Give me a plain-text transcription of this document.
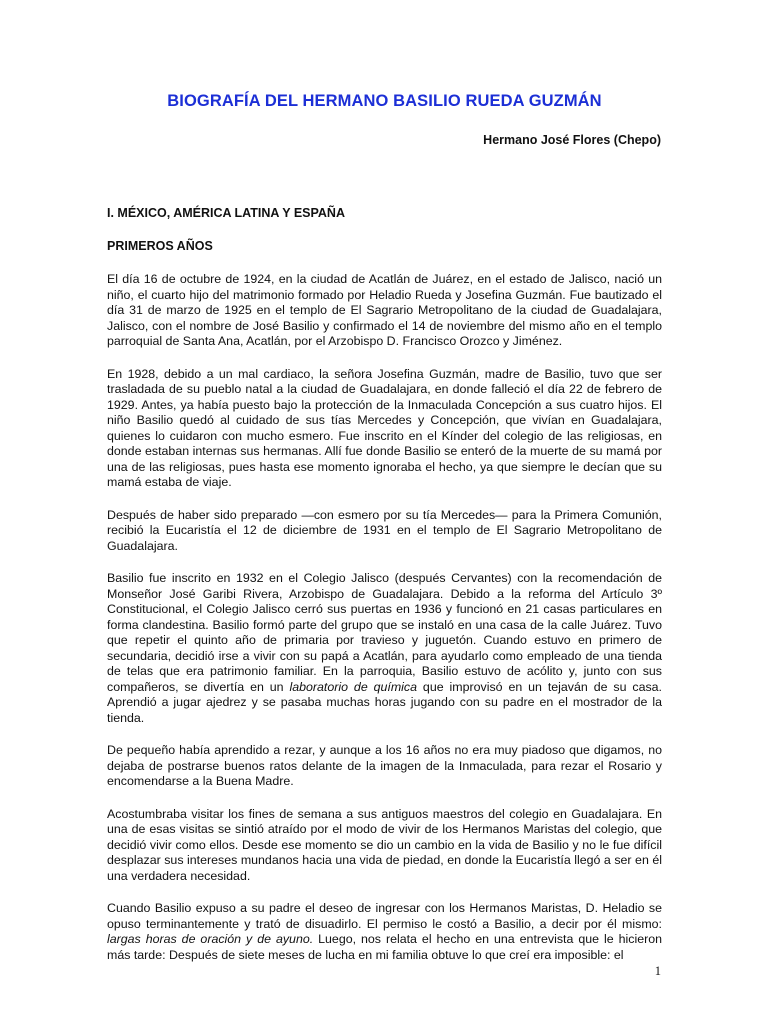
BIOGRAFÍA DEL HERMANO BASILIO RUEDA GUZMÁN

Hermano José Flores (Chepo)

I. MÉXICO, AMÉRICA LATINA Y ESPAÑA
PRIMEROS AÑOS

El día 16 de octubre de 1924, en la ciudad de Acatlán de Juárez, en el estado de Jalisco, nació un niño, el cuarto hijo del matrimonio formado por Heladio Rueda y Josefina Guzmán. Fue bautizado el día 31 de marzo de 1925 en el templo de El Sagrario Metropolitano de la ciudad de Guadalajara, Jalisco, con el nombre de José Basilio y confirmado el 14 de noviembre del mismo año en el templo parroquial de Santa Ana, Acatlán, por el Arzobispo D. Francisco Orozco y Jiménez.

En 1928, debido a un mal cardiaco, la señora Josefina Guzmán, madre de Basilio, tuvo que ser trasladada de su pueblo natal a la ciudad de Guadalajara, en donde falleció el día 22 de febrero de 1929. Antes, ya había puesto bajo la protección de la Inmaculada Concepción a sus cuatro hijos. El niño Basilio quedó al cuidado de sus tías Mercedes y Concepción, que vivían en Guadalajara, quienes lo cuidaron con mucho esmero. Fue inscrito en el Kínder del colegio de las religiosas, en donde estaban internas sus hermanas. Allí fue donde Basilio se enteró de la muerte de su mamá por una de las religiosas, pues hasta ese momento ignoraba el hecho, ya que siempre le decían que su mamá estaba de viaje.

Después de haber sido preparado —con esmero por su tía Mercedes— para la Primera Comunión, recibió la Eucaristía el 12 de diciembre de 1931 en el templo de El Sagrario Metropolitano de Guadalajara.

Basilio fue inscrito en 1932 en el Colegio Jalisco (después Cervantes) con la recomendación de Monseñor José Garibi Rivera, Arzobispo de Guadalajara. Debido a la reforma del Artículo 3º Constitucional, el Colegio Jalisco cerró sus puertas en 1936 y funcionó en 21 casas particulares en forma clandestina. Basilio formó parte del grupo que se instaló en una casa de la calle Juárez. Tuvo que repetir el quinto año de primaria por travieso y juguetón. Cuando estuvo en primero de secundaria, decidió irse a vivir con su papá a Acatlán, para ayudarlo como empleado de una tienda de telas que era patrimonio familiar. En la parroquia, Basilio estuvo de acólito y, junto con sus compañeros, se divertía en un laboratorio de química que improvisó en un tejaván de su casa. Aprendió a jugar ajedrez y se pasaba muchas horas jugando con su padre en el mostrador de la tienda.

De pequeño había aprendido a rezar, y aunque a los 16 años no era muy piadoso que digamos, no dejaba de postrarse buenos ratos delante de la imagen de la Inmaculada, para rezar el Rosario y encomendarse a la Buena Madre.

Acostumbraba visitar los fines de semana a sus antiguos maestros del colegio en Guadalajara. En una de esas visitas se sintió atraído por el modo de vivir de los Hermanos Maristas del colegio, que decidió vivir como ellos. Desde ese momento se dio un cambio en la vida de Basilio y no le fue difícil desplazar sus intereses mundanos hacia una vida de piedad, en donde la Eucaristía llegó a ser en él una verdadera necesidad.

Cuando Basilio expuso a su padre el deseo de ingresar con los Hermanos Maristas, D. Heladio se opuso terminantemente y trató de disuadirlo. El permiso le costó a Basilio, a decir por él mismo: largas horas de oración y de ayuno. Luego, nos relata el hecho en una entrevista que le hicieron más tarde: Después de siete meses de lucha en mi familia obtuve lo que creí era imposible: el

1
